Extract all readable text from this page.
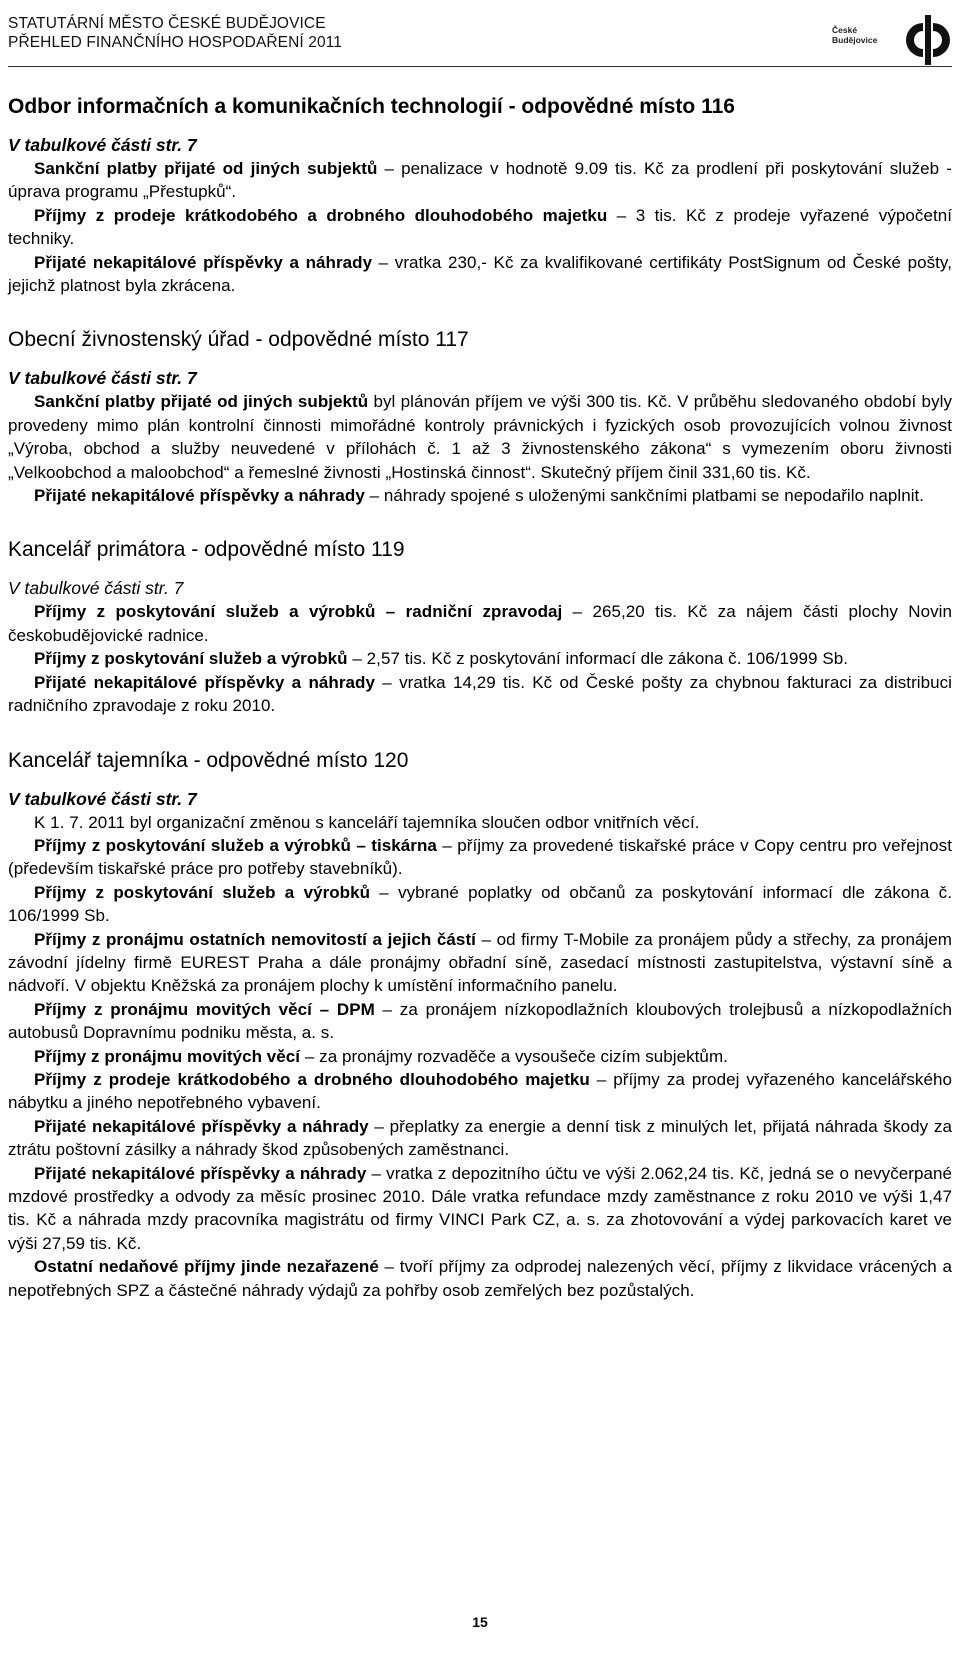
STATUTÁRNÍ MĚSTO ČESKÉ BUDĚJOVICE
PŘEHLED FINANČNÍHO HOSPODAŘENÍ 2011
České Budějovice
Odbor informačních a komunikačních technologií - odpovědné místo 116
V tabulkové části str. 7

Sankční platby přijaté od jiných subjektů – penalizace v hodnotě 9.09 tis. Kč za prodlení při poskytování služeb - úprava programu „Přestupků“.

Příjmy z prodeje krátkodobého a drobného dlouhodobého majetku – 3 tis. Kč z prodeje vyřazené výpočetní techniky.

Přijaté nekapitálové příspěvky a náhrady – vratka 230,- Kč za kvalifikované certifikáty PostSignum od České pošty, jejichž platnost byla zkrácena.

Obecní živnostenský úřad - odpovědné místo 117
V tabulkové části str. 7

Sankční platby přijaté od jiných subjektů byl plánován příjem ve výši 300 tis. Kč. V průběhu sledovaného období byly provedeny mimo plán kontrolní činnosti mimořádné kontroly právnických i fyzických osob provozujících volnou živnost „Výroba, obchod a služby neuvedené v přílohách č. 1 až 3 živnostenského zákona“ s vymezením oboru živnosti „Velkoobchod a maloobchod“ a řemeslné živnosti „Hostinská činnost“. Skutečný příjem činil 331,60 tis. Kč.

Přijaté nekapitálové příspěvky a náhrady – náhrady spojené s uloženými sankčními platbami se nepodařilo naplnit.

Kancelář primátora - odpovědné místo 119
V tabulkové části str. 7

Příjmy z poskytování služeb a výrobků – radniční zpravodaj – 265,20 tis. Kč za nájem části plochy Novin českobudějovické radnice.

Příjmy z poskytování služeb a výrobků – 2,57 tis. Kč z poskytování informací dle zákona č. 106/1999 Sb.

Přijaté nekapitálové příspěvky a náhrady – vratka 14,29 tis. Kč od České pošty za chybnou fakturaci za distribuci radničního zpravodaje z roku 2010.

Kancelář tajemníka - odpovědné místo 120
V tabulkové části str. 7

K 1. 7. 2011 byl organizační změnou s kanceláří tajemníka sloučen odbor vnitřních věcí.

Příjmy z poskytování služeb a výrobků – tiskárna – příjmy za provedené tiskařské práce v Copy centru pro veřejnost (především tiskařské práce pro potřeby stavebníků).

Příjmy z poskytování služeb a výrobků – vybrané poplatky od občanů za poskytování informací dle zákona č. 106/1999 Sb.

Příjmy z pronájmu ostatních nemovitostí a jejich částí – od firmy T-Mobile za pronájem půdy a střechy, za pronájem závodní jídelny firmě EUREST Praha a dále pronájmy obřadní síně, zasedací místnosti zastupitelstva, výstavní síně a nádvoří. V objektu Kněžská za pronájem plochy k umístění informačního panelu.

Příjmy z pronájmu movitých věcí – DPM – za pronájem nízkopodlažních kloubových trolejbusů a nízkopodlažních autobusů Dopravnímu podniku města, a. s.

Příjmy z pronájmu movitých věcí – za pronájmy rozvaděče a vysoušeče cizím subjektům.

Příjmy z prodeje krátkodobého a drobného dlouhodobého majetku – příjmy za prodej vyřazeného kancelářského nábytku a jiného nepotřebného vybavení.

Přijaté nekapitálové příspěvky a náhrady – přeplatky za energie a denní tisk z minulých let, přijatá náhrada škody za ztrátu poštovní zásilky a náhrady škod způsobených zaměstnanci.

Přijaté nekapitálové příspěvky a náhrady – vratka z depozitního účtu ve výši 2.062,24 tis. Kč, jedná se o nevyčerpané mzdové prostředky a odvody za měsíc prosinec 2010. Dále vratka refundace mzdy zaměstnance z roku 2010 ve výši 1,47 tis. Kč a náhrada mzdy pracovníka magistrátu od firmy VINCI Park CZ, a. s. za zhotovování a výdej parkovacích karet ve výši 27,59 tis. Kč.

Ostatní nedaňové příjmy jinde nezařazené – tvoří příjmy za odprodej nalezených věcí, příjmy z likvidace vrácených a nepotřebných SPZ a částečné náhrady výdajů za pohřby osob zemřelých bez pozůstalých.

15
